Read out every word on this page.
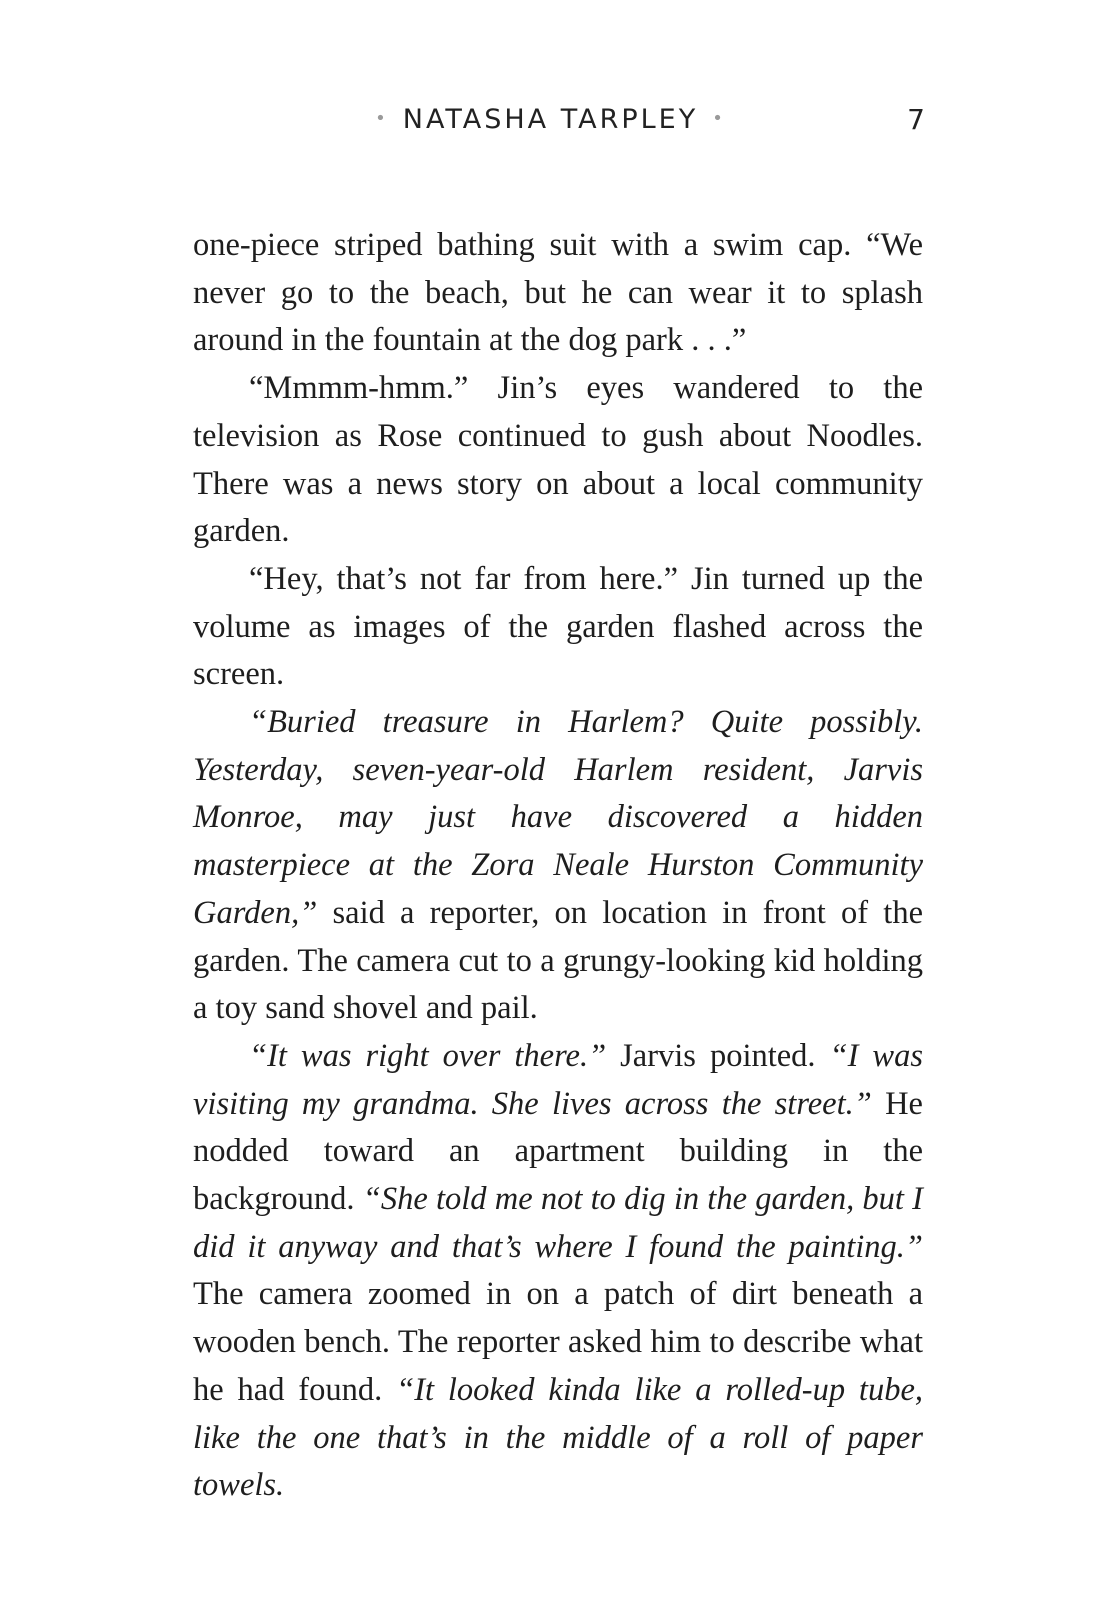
• NATASHA TARPLEY •	7

one-piece striped bathing suit with a swim cap. “We never go to the beach, but he can wear it to splash around in the fountain at the dog park . . .”

“Mmmm-hmm.” Jin’s eyes wandered to the television as Rose continued to gush about Noodles. There was a news story on about a local community garden.

“Hey, that’s not far from here.” Jin turned up the volume as images of the garden flashed across the screen.

“Buried treasure in Harlem? Quite possibly. Yesterday, seven-year-old Harlem resident, Jarvis Monroe, may just have discovered a hidden masterpiece at the Zora Neale Hurston Community Garden,” said a reporter, on location in front of the garden. The camera cut to a grungy-looking kid holding a toy sand shovel and pail.

“It was right over there.” Jarvis pointed. “I was visiting my grandma. She lives across the street.” He nodded toward an apartment building in the background. “She told me not to dig in the garden, but I did it anyway and that’s where I found the painting.” The camera zoomed in on a patch of dirt beneath a wooden bench. The reporter asked him to describe what he had found. “It looked kinda like a rolled-up tube, like the one that’s in the middle of a roll of paper towels.
